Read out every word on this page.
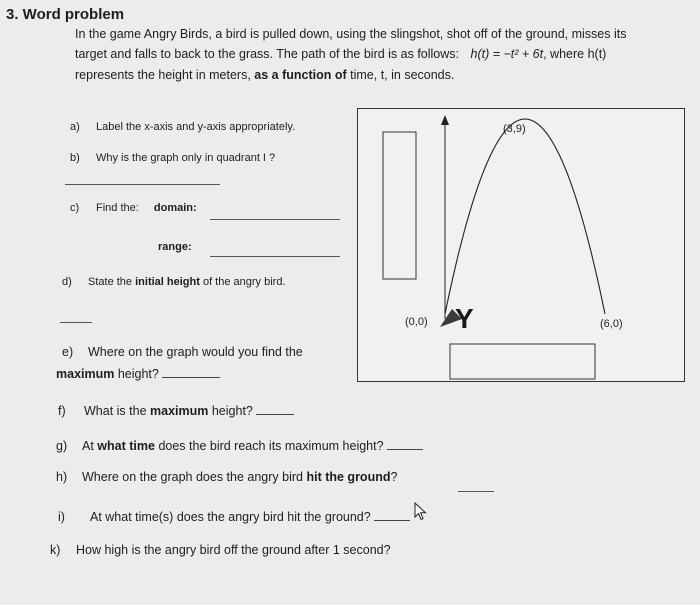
3. Word problem
In the game Angry Birds, a bird is pulled down, using the slingshot, shot off of the ground, misses its
target and falls to back to the grass. The path of the bird is as follows: h(t) = −t² + 6t, where h(t)
represents the height in meters, as a function of time, t, in seconds.
a) Label the x-axis and y-axis appropriately.
b) Why is the graph only in quadrant I ?
c) Find the: domain:
range:
d) State the initial height of the angry bird.
e) Where on the graph would you find the
maximum height?
f) What is the maximum height?
g) At what time does the bird reach its maximum height?
h) Where on the graph does the angry bird hit the ground?
i) At what time(s) does the angry bird hit the ground?
k) How high is the angry bird off the ground after 1 second?
(3,9)
(0,0)	(6,0)
Y
